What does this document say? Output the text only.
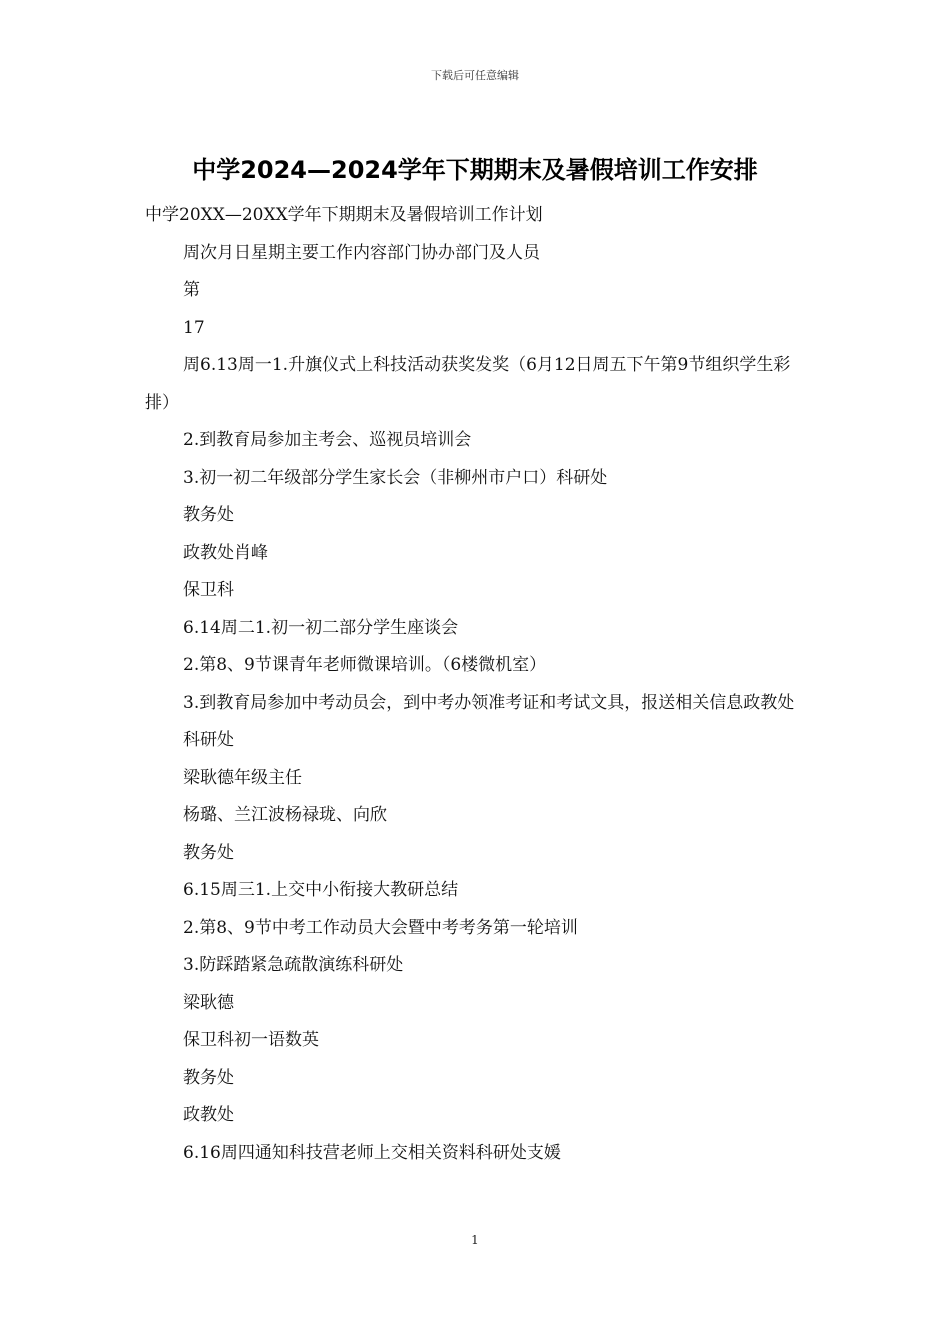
下载后可任意编辑
中学2024—2024学年下期期末及暑假培训工作安排

中学20XX—20XX学年下期期末及暑假培训工作计划

周次月日星期主要工作内容部门协办部门及人员

第

17

周6.13周一1.升旗仪式上科技活动获奖发奖（6月12日周五下午第9节组织学生彩排）

2.到教育局参加主考会、巡视员培训会

3.初一初二年级部分学生家长会（非柳州市户口）科研处

教务处

政教处肖峰

保卫科

6.14周二1.初一初二部分学生座谈会

2.第8、9节课青年老师微课培训。（6楼微机室）

3.到教育局参加中考动员会，到中考办领准考证和考试文具，报送相关信息政教处

科研处

梁耿德年级主任

杨璐、兰江波杨禄珑、向欣

教务处

6.15周三1.上交中小衔接大教研总结

2.第8、9节中考工作动员大会暨中考考务第一轮培训

3.防踩踏紧急疏散演练科研处

梁耿德

保卫科初一语数英

教务处

政教处

6.16周四通知科技营老师上交相关资料科研处支媛

1
